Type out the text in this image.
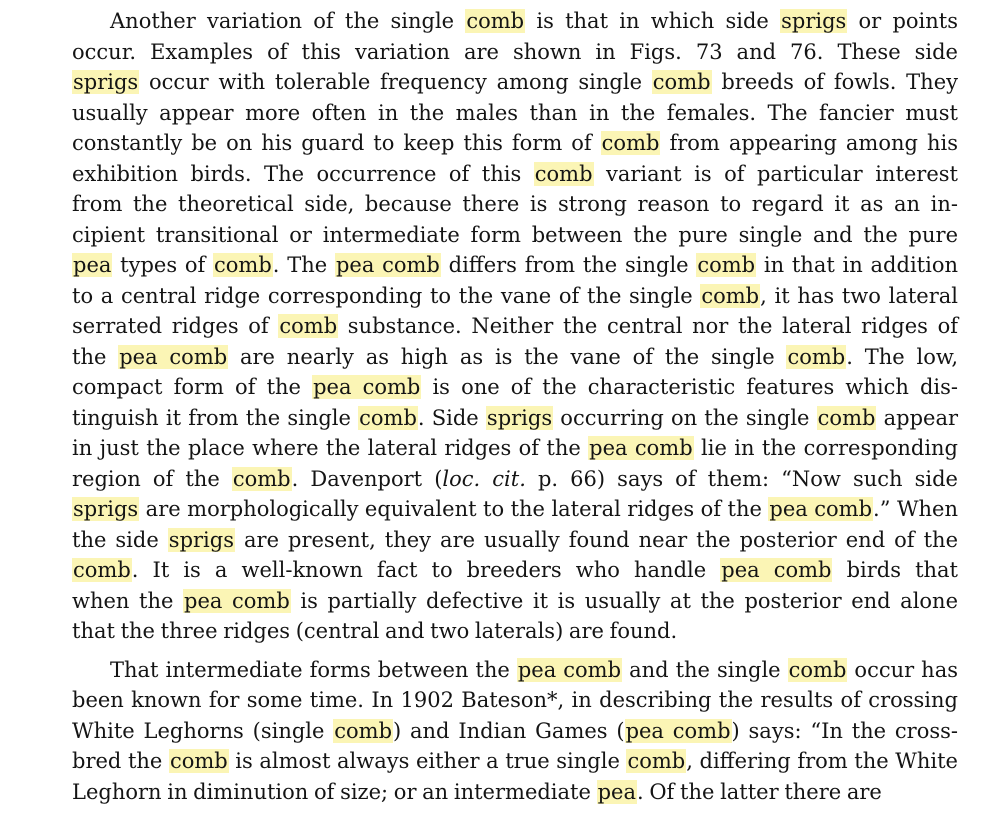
Another variation of the single comb is that in which side sprigs or points
occur. Examples of this variation are shown in Figs. 73 and 76. These side
sprigs occur with tolerable frequency among single comb breeds of fowls. They
usually appear more often in the males than in the females. The fancier must
constantly be on his guard to keep this form of comb from appearing among his
exhibition birds. The occurrence of this comb variant is of particular interest
from the theoretical side, because there is strong reason to regard it as an in-
cipient transitional or intermediate form between the pure single and the pure
pea types of comb. The pea comb differs from the single comb in that in addition
to a central ridge corresponding to the vane of the single comb, it has two lateral
serrated ridges of comb substance. Neither the central nor the lateral ridges of
the pea comb are nearly as high as is the vane of the single comb. The low,
compact form of the pea comb is one of the characteristic features which dis-
tinguish it from the single comb. Side sprigs occurring on the single comb appear
in just the place where the lateral ridges of the pea comb lie in the corresponding
region of the comb. Davenport (loc. cit. p. 66) says of them: “Now such side
sprigs are morphologically equivalent to the lateral ridges of the pea comb.” When
the side sprigs are present, they are usually found near the posterior end of the
comb. It is a well-known fact to breeders who handle pea comb birds that
when the pea comb is partially defective it is usually at the posterior end alone
that the three ridges (central and two laterals) are found.

That intermediate forms between the pea comb and the single comb occur has
been known for some time. In 1902 Bateson*, in describing the results of crossing
White Leghorns (single comb) and Indian Games (pea comb) says: “In the cross-
bred the comb is almost always either a true single comb, differing from the White
Leghorn in diminution of size; or an intermediate pea. Of the latter there are
